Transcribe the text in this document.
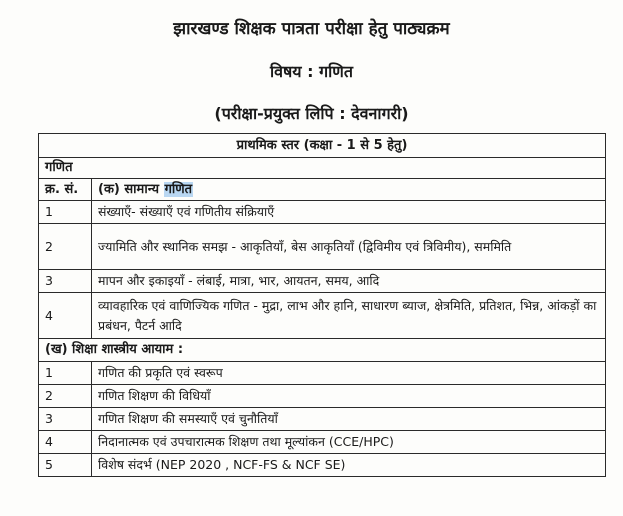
झारखण्ड शिक्षक पात्रता परीक्षा हेतु पाठ्यक्रम
विषय : गणित
(परीक्षा-प्रयुक्त लिपि : देवनागरी)
प्राथमिक स्तर (कक्षा - 1 से 5 हेतु)	
गणित	
क्र. सं.	(क) सामान्य गणित
1	संख्याएँ- संख्याएँ एवं गणितीय संक्रियाएँ
2	ज्यामिति और स्थानिक समझ - आकृतियाँ, बेस आकृतियाँ (द्विविमीय एवं त्रिविमीय), सममिति
3	मापन और इकाइयाँ - लंबाई, मात्रा, भार, आयतन, समय, आदि
4	व्यावहारिक एवं वाणिज्यिक गणित - मुद्रा, लाभ और हानि, साधारण ब्याज, क्षेत्रमिति, प्रतिशत, भिन्न, आंकड़ों का प्रबंधन, पैटर्न आदि
(ख) शिक्षा शास्त्रीय आयाम :	
1	गणित की प्रकृति एवं स्वरूप
2	गणित शिक्षण की विधियाँ
3	गणित शिक्षण की समस्याएँ एवं चुनौतियाँ
4	निदानात्मक एवं उपचारात्मक शिक्षण तथा मूल्यांकन (CCE/HPC)
5	विशेष संदर्भ (NEP 2020 , NCF-FS & NCF SE)
